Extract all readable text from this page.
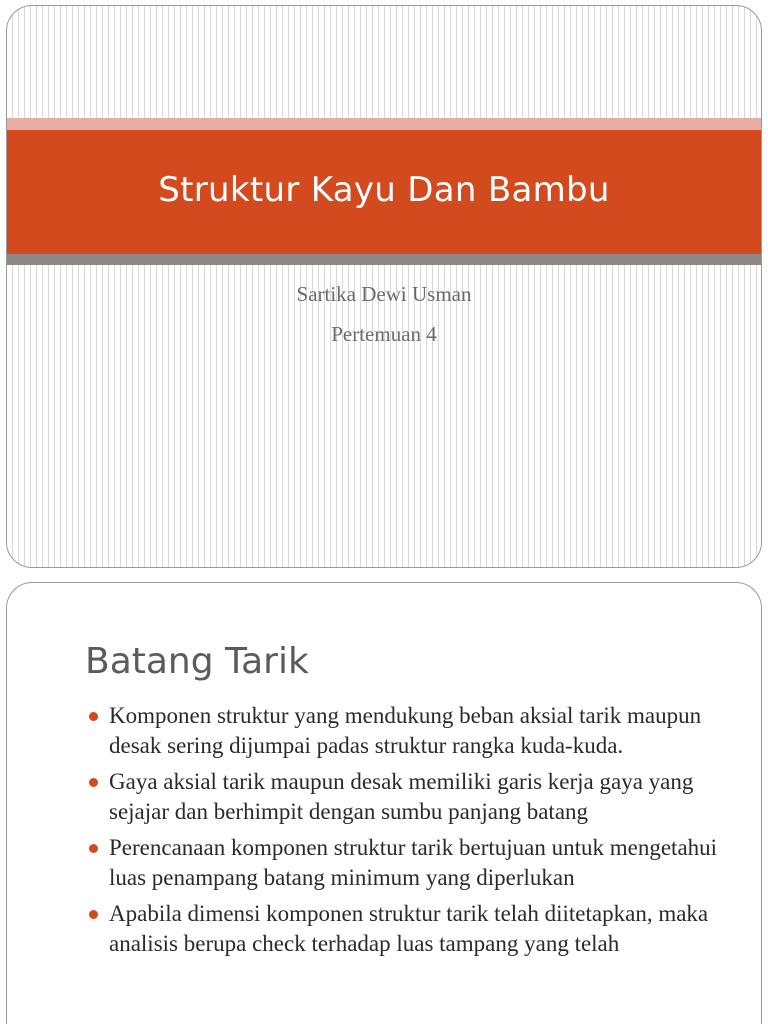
Struktur Kayu Dan Bambu
Sartika Dewi Usman
Pertemuan 4
Batang Tarik
Komponen struktur yang mendukung beban aksial tarik maupun desak sering dijumpai padas struktur rangka kuda-kuda.
Gaya aksial tarik maupun desak memiliki garis kerja gaya yang sejajar dan berhimpit dengan sumbu panjang batang
Perencanaan komponen struktur tarik bertujuan untuk mengetahui luas penampang batang minimum yang diperlukan
Apabila dimensi komponen struktur tarik telah diitetapkan, maka analisis berupa check terhadap luas tampang yang telah
